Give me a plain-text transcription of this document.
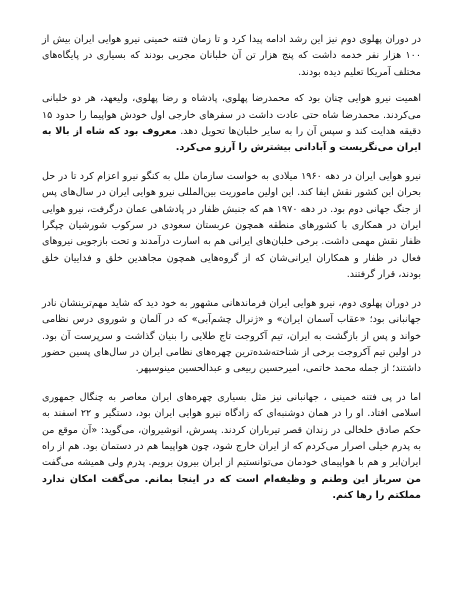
در دوران پهلوی دوم نیز این رشد ادامه پیدا کرد و تا زمان فتنه خمینی نیرو هوایی ایران بیش از ۱۰۰ هزار نفر خدمه داشت که پنج هزار تن آن خلبانان مجربی بودند که بسیاری در پایگاه‌های مختلف آمریکا تعلیم دیده بودند.

اهمیت نیرو هوایی چنان بود که محمدرضا پهلوی، پادشاه و رضا پهلوی، ولیعهد، هر دو خلبانی می‌کردند. محمدرضا شاه حتی عادت داشت در سفرهای خارجی اول خودش هواپیما را حدود ۱۵ دقیقه هدایت کند و سپس آن را به سایر خلبان‌ها تحویل دهد. معروف بود که شاه از بالا به ایران می‌نگریست و آبادانی بیشترش را آرزو می‌کرد.

نیرو هوایی ایران در دهه ۱۹۶۰ میلادی به خواست سازمان ملل به کنگو نیرو اعزام کرد تا در حل بحران این کشور نقش ایفا کند. این اولین ماموریت بین‌المللی نیرو هوایی ایران در سال‌های پس از جنگ جهانی دوم بود. در دهه ۱۹۷۰ هم که جنبش ظفار در پادشاهی عمان درگرفت، نیرو هوایی ایران در همکاری با کشورهای منطقه همچون عربستان سعودی در سرکوب شورشیان چپگرا ظفار نقش مهمی داشت. برخی خلبان‌های ایرانی هم به اسارت درآمدند و تحت بازجویی نیروهای فعال در ظفار و همکاران ایرانی‌شان که از گروه‌هایی همچون مجاهدین خلق و فداییان خلق بودند، قرار گرفتند.

در دوران پهلوی دوم، نیرو هوایی ایران فرماندهانی مشهور به خود دید که شاید مهم‌ترینشان نادر جهانبانی بود؛ «عقاب آسمان ایران» و «ژنرال چشم‌آبی» که در آلمان و شوروی درس نظامی خواند و پس از بازگشت به ایران، تیم آکروجت تاج طلایی را بنیان گذاشت و سرپرست آن بود. در اولین تیم آکروجت برخی از شناخته‌شده‌ترین چهره‌های نظامی ایران در سال‌های پسین حضور داشتند؛ از جمله محمد خاتمی، امیرحسین ربیعی و عبدالحسین مینوسپهر.

اما در پی فتنه خمینی ، جهانبانی نیز مثل بسیاری چهره‌های ایران معاصر به چنگال جمهوری اسلامی افتاد. او را در همان دوشنبه‌ای که زادگاه نیرو هوایی ایران بود، دستگیر و ۲۲ اسفند به حکم صادق خلخالی در زندان قصر تیرباران کردند. پسرش، انوشیروان، می‌گوید: «آن موقع من به پدرم خیلی اصرار می‌کردم که از ایران خارج شود، چون هواپیما هم در دستمان بود. هم از راه ایران‌ایر و هم با هواپیمای خودمان می‌توانستیم از ایران بیرون برویم. پدرم ولی همیشه می‌گفت من سرباز این وطنم و وظیفه‌ام است که در اینجا بمانم. می‌گفت امکان ندارد مملکتم را رها کنم.
